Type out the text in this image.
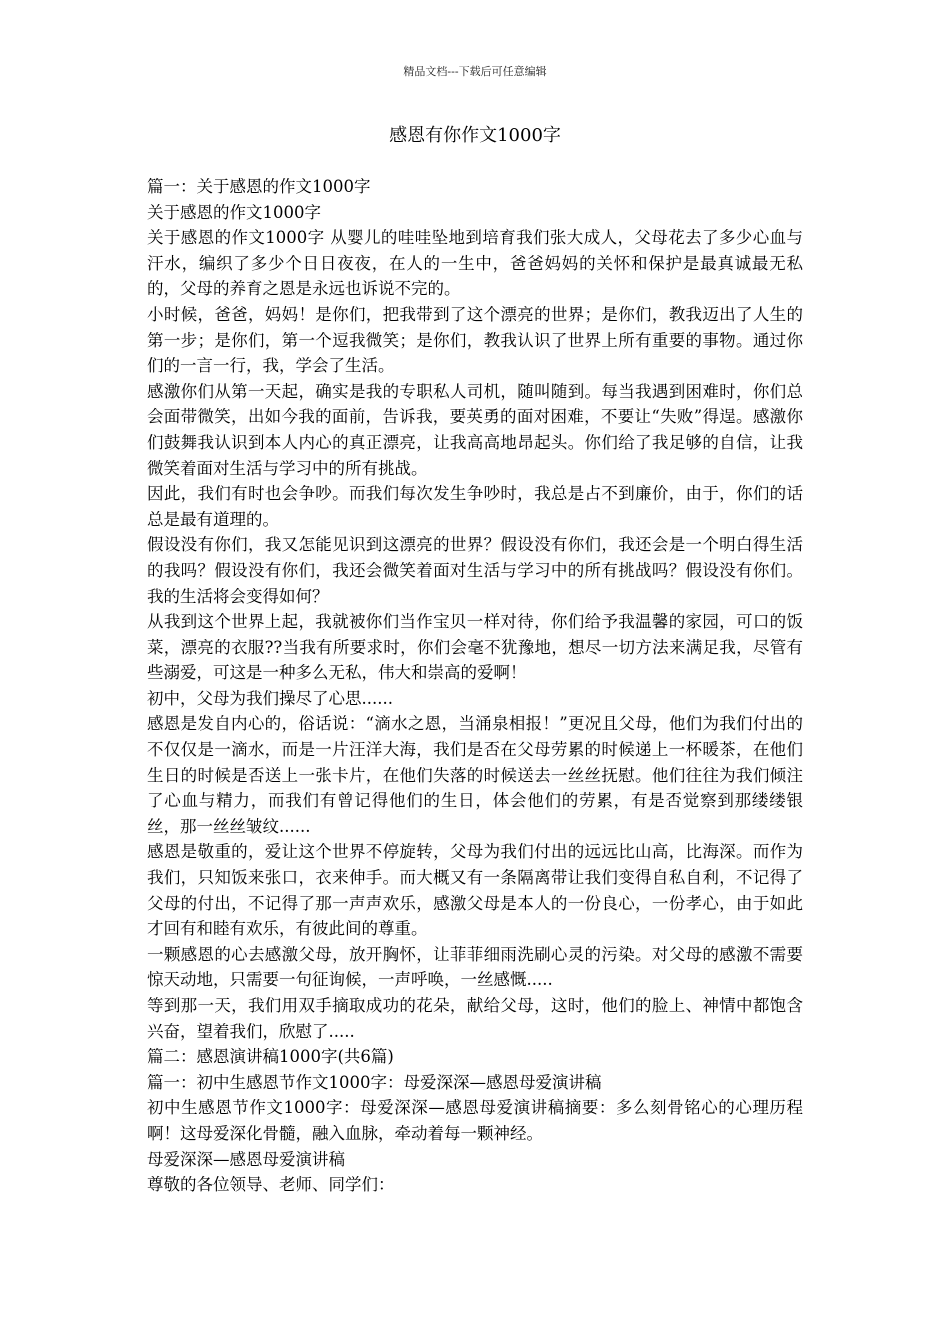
精品文档---下载后可任意编辑
感恩有你作文1000字

篇一：关于感恩的作文1000字

关于感恩的作文1000字

关于感恩的作文1000字 从婴儿的哇哇坠地到培育我们张大成人，父母花去了多少心血与汗水，编织了多少个日日夜夜，在人的一生中，爸爸妈妈的关怀和保护是最真诚最无私的，父母的养育之恩是永远也诉说不完的。

小时候，爸爸，妈妈！是你们，把我带到了这个漂亮的世界；是你们，教我迈出了人生的第一步；是你们，第一个逗我微笑；是你们，教我认识了世界上所有重要的事物。通过你们的一言一行，我，学会了生活。

感激你们从第一天起，确实是我的专职私人司机，随叫随到。每当我遇到困难时，你们总会面带微笑，出如今我的面前，告诉我，要英勇的面对困难，不要让“失败”得逞。感激你们鼓舞我认识到本人内心的真正漂亮，让我高高地昂起头。你们给了我足够的自信，让我微笑着面对生活与学习中的所有挑战。

因此，我们有时也会争吵。而我们每次发生争吵时，我总是占不到廉价，由于，你们的话总是最有道理的。

假设没有你们，我又怎能见识到这漂亮的世界？假设没有你们，我还会是一个明白得生活的我吗？假设没有你们，我还会微笑着面对生活与学习中的所有挑战吗？假设没有你们。我的生活将会变得如何？

从我到这个世界上起，我就被你们当作宝贝一样对待，你们给予我温馨的家园，可口的饭菜，漂亮的衣服??当我有所要求时，你们会毫不犹豫地，想尽一切方法来满足我，尽管有些溺爱，可这是一种多么无私，伟大和崇高的爱啊！

初中，父母为我们操尽了心思......

感恩是发自内心的，俗话说：“滴水之恩，当涌泉相报！”更况且父母，他们为我们付出的不仅仅是一滴水，而是一片汪洋大海，我们是否在父母劳累的时候递上一杯暖茶，在他们生日的时候是否送上一张卡片，在他们失落的时候送去一丝丝抚慰。他们往往为我们倾注了心血与精力，而我们有曾记得他们的生日，体会他们的劳累，有是否觉察到那缕缕银丝，那一丝丝皱纹......

感恩是敬重的，爱让这个世界不停旋转，父母为我们付出的远远比山高，比海深。而作为我们，只知饭来张口，衣来伸手。而大概又有一条隔离带让我们变得自私自利，不记得了父母的付出，不记得了那一声声欢乐，感激父母是本人的一份良心，一份孝心，由于如此才回有和睦有欢乐，有彼此间的尊重。

一颗感恩的心去感激父母，放开胸怀，让菲菲细雨洗刷心灵的污染。对父母的感激不需要惊天动地，只需要一句征询候，一声呼唤，一丝感慨.....

等到那一天，我们用双手摘取成功的花朵，献给父母，这时，他们的脸上、神情中都饱含兴奋，望着我们，欣慰了.....

篇二：感恩演讲稿1000字(共6篇)

篇一：初中生感恩节作文1000字：母爱深深—感恩母爱演讲稿

初中生感恩节作文1000字：母爱深深—感恩母爱演讲稿摘要：多么刻骨铭心的心理历程啊！这母爱深化骨髓，融入血脉，牵动着每一颗神经。

母爱深深—感恩母爱演讲稿

尊敬的各位领导、老师、同学们：
